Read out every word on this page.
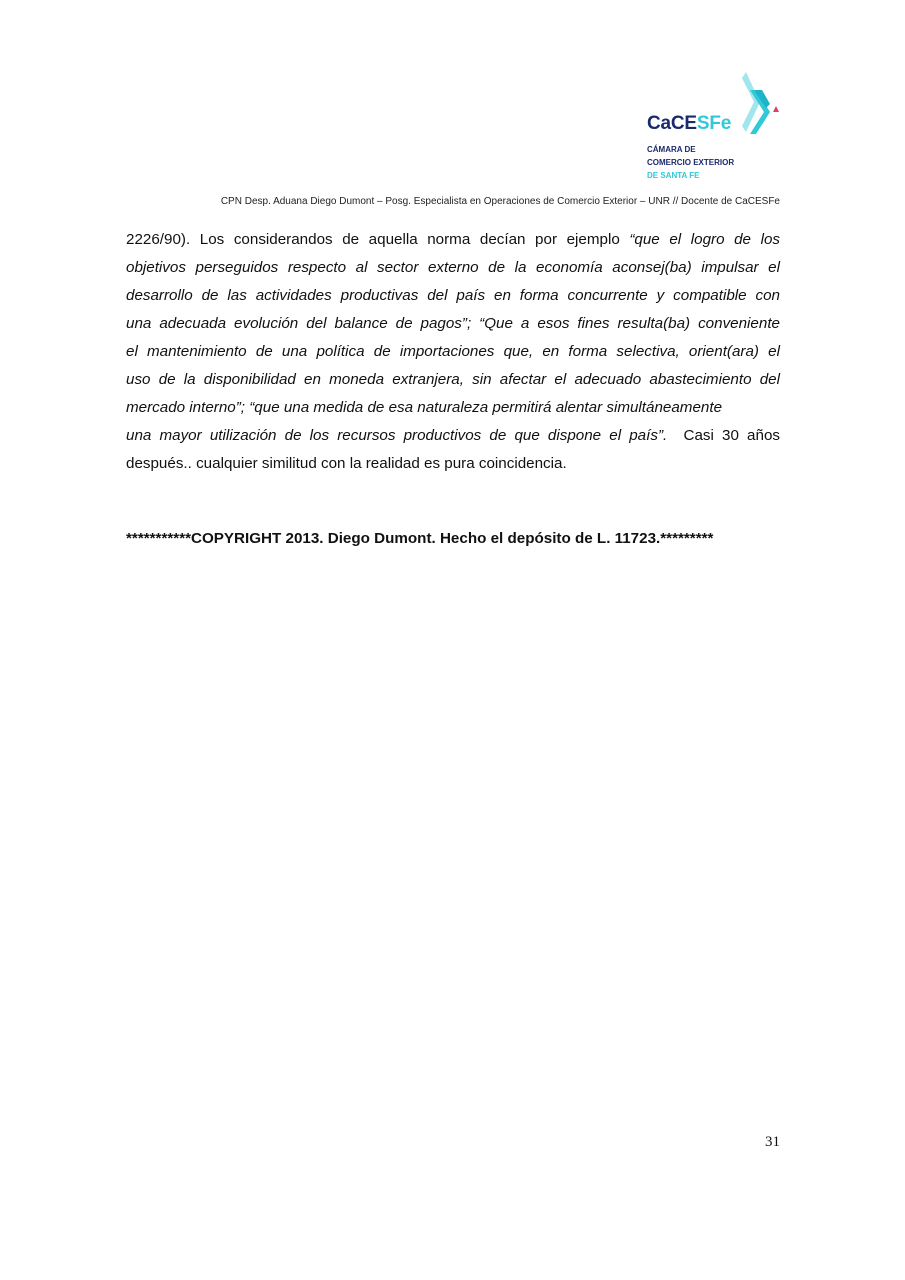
CaCESFe
CÁMARA DE
COMERCIO EXTERIOR
DE SANTA FE
CPN Desp. Aduana Diego Dumont – Posg. Especialista en Operaciones de Comercio Exterior – UNR // Docente de CaCESFe
2226/90). Los considerandos de aquella norma decían por ejemplo “que el logro de los
objetivos perseguidos respecto al sector externo de la economía aconsej(ba) impulsar el
desarrollo de las actividades productivas del país en forma concurrente y compatible con
una adecuada evolución del balance de pagos”; “Que a esos fines resulta(ba) conveniente
el mantenimiento de una política de importaciones que, en forma selectiva, orient(ara) el
uso de la disponibilidad en moneda extranjera, sin afectar el adecuado abastecimiento del
mercado interno”; “que una medida de esa naturaleza permitirá alentar simultáneamente
una mayor utilización de los recursos productivos de que dispone el país”.  Casi 30 años
después.. cualquier similitud con la realidad es pura coincidencia.
***********COPYRIGHT 2013. Diego Dumont. Hecho el depósito de L. 11723.*********
31
